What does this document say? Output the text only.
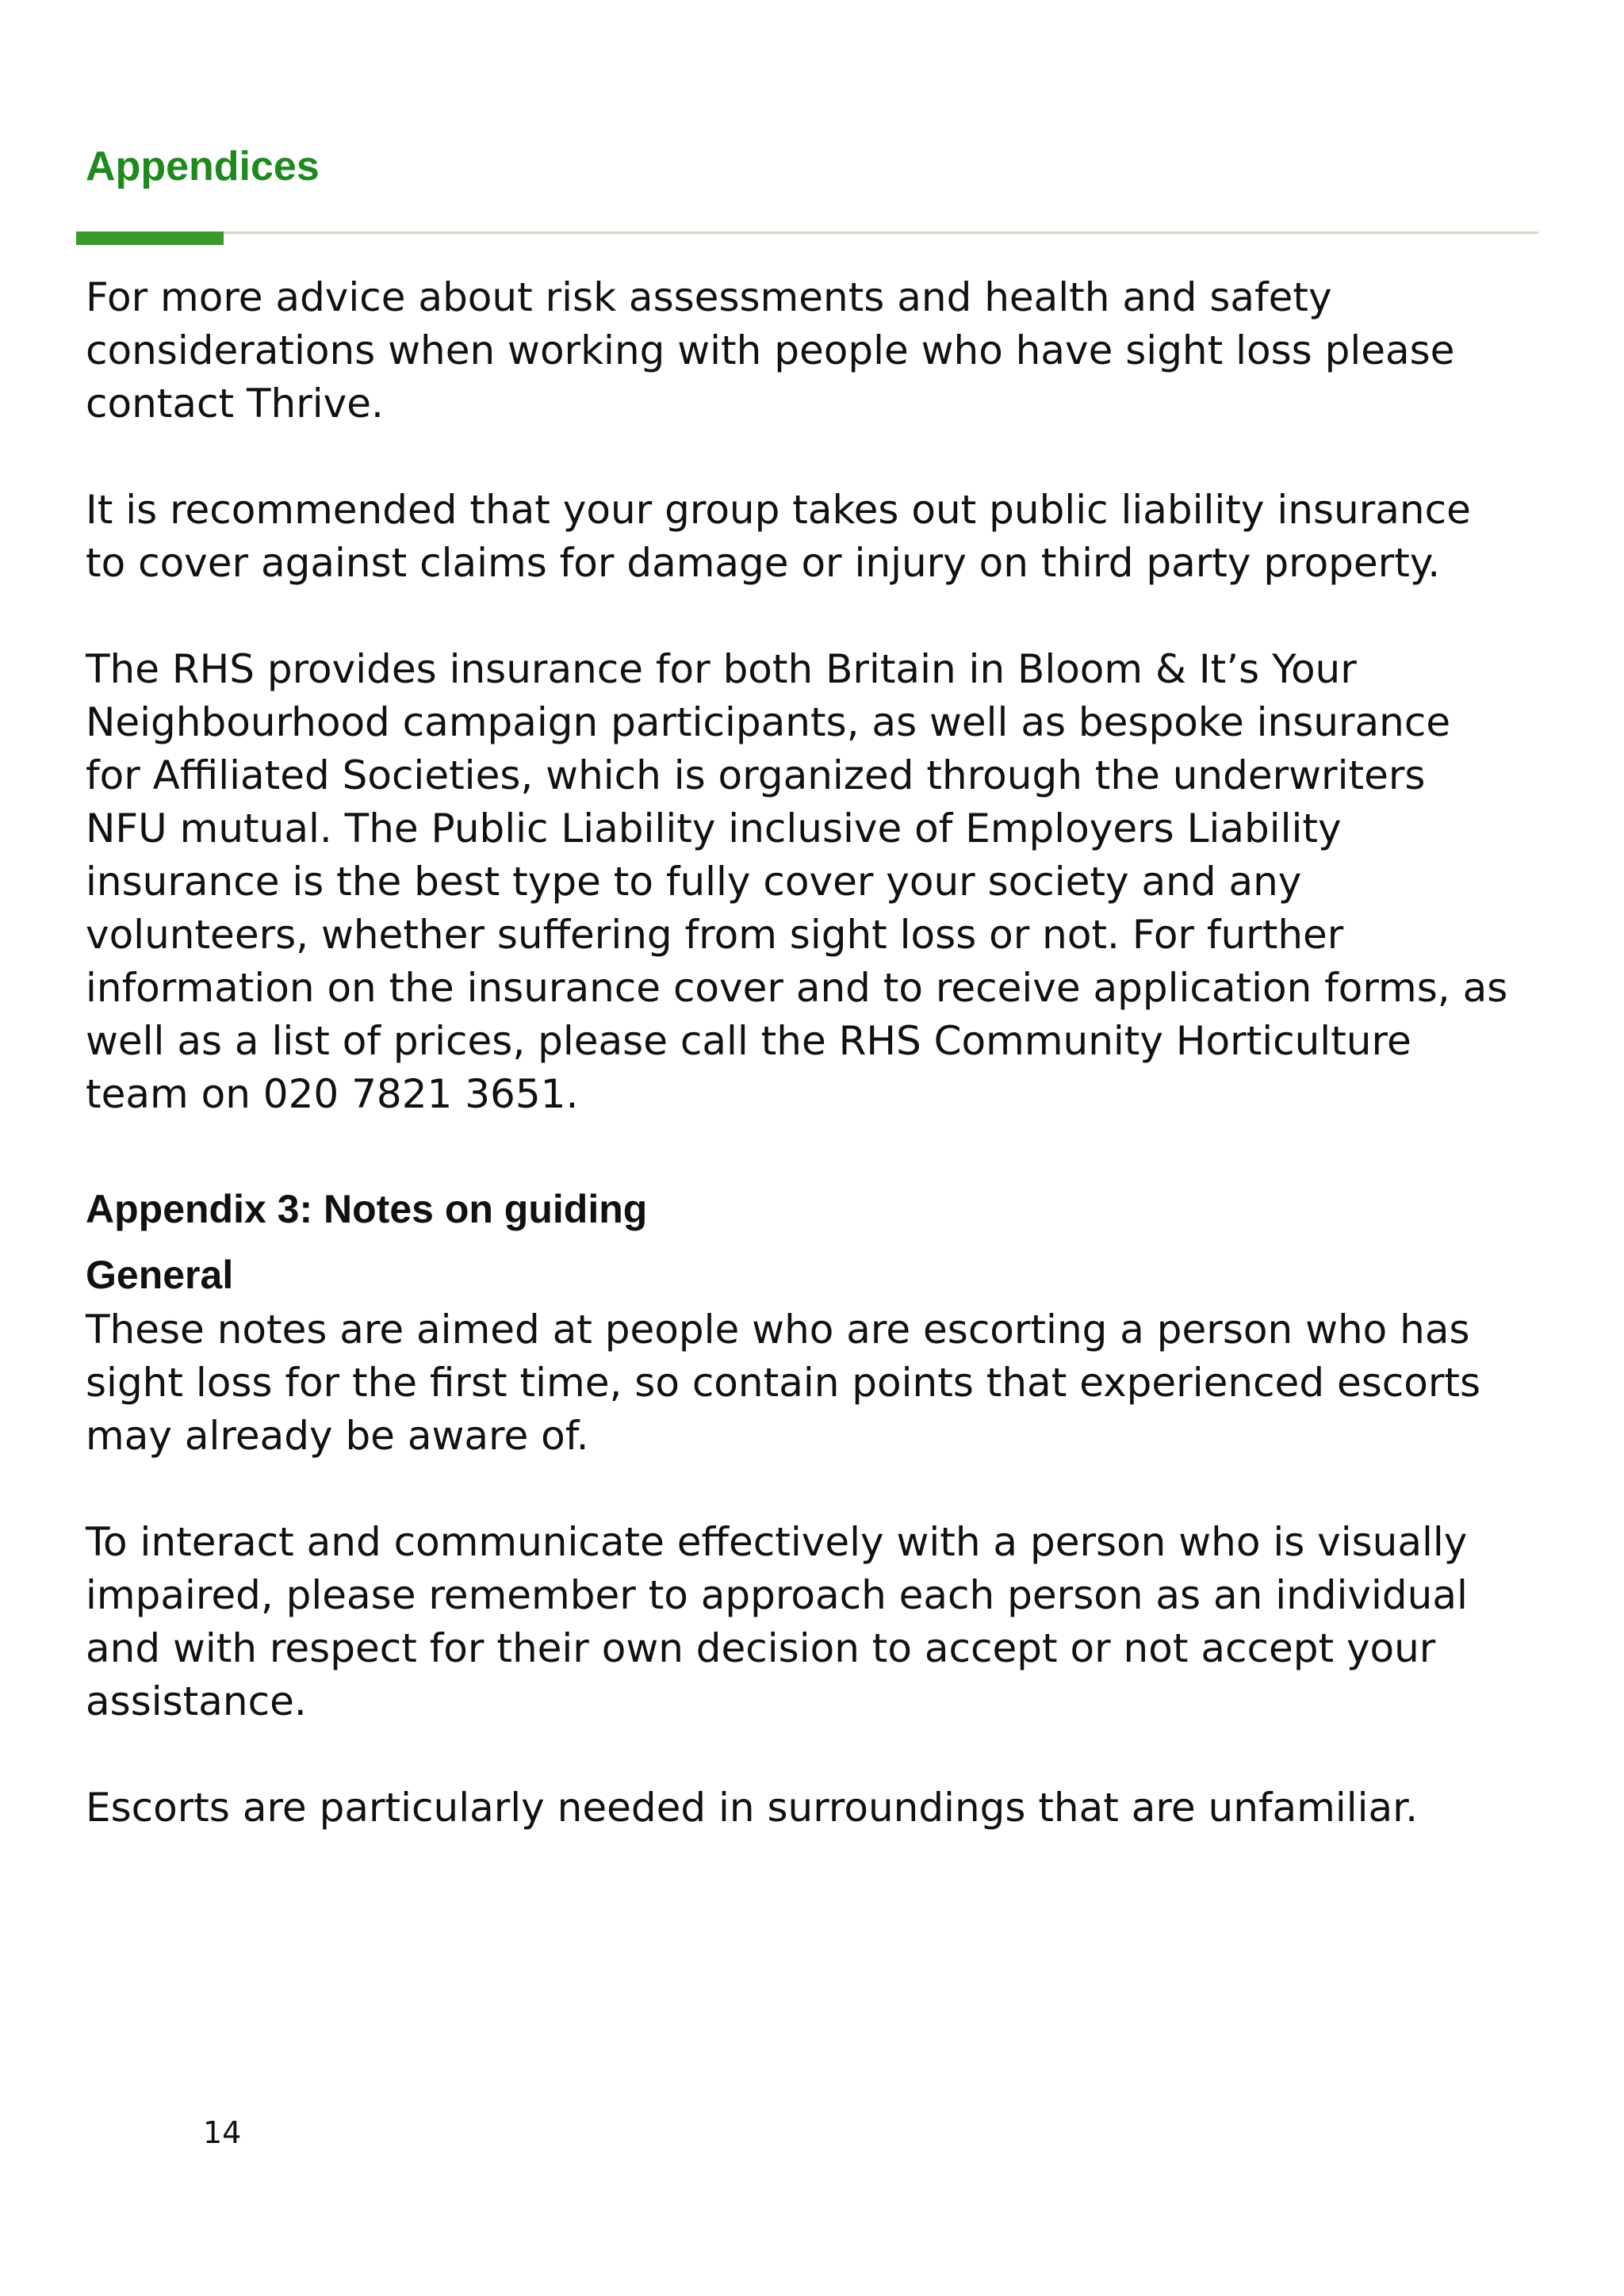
Appendices

For more advice about risk assessments and health and safety
considerations when working with people who have sight loss please
contact Thrive.

It is recommended that your group takes out public liability insurance
to cover against claims for damage or injury on third party property.

The RHS provides insurance for both Britain in Bloom & It’s Your
Neighbourhood campaign participants, as well as bespoke insurance
for Affiliated Societies, which is organized through the underwriters
NFU mutual. The Public Liability inclusive of Employers Liability
insurance is the best type to fully cover your society and any
volunteers, whether suffering from sight loss or not. For further
information on the insurance cover and to receive application forms, as
well as a list of prices, please call the RHS Community Horticulture
team on 020 7821 3651.

Appendix 3: Notes on guiding
General

These notes are aimed at people who are escorting a person who has
sight loss for the first time, so contain points that experienced escorts
may already be aware of.

To interact and communicate effectively with a person who is visually
impaired, please remember to approach each person as an individual
and with respect for their own decision to accept or not accept your
assistance.

Escorts are particularly needed in surroundings that are unfamiliar.

14
